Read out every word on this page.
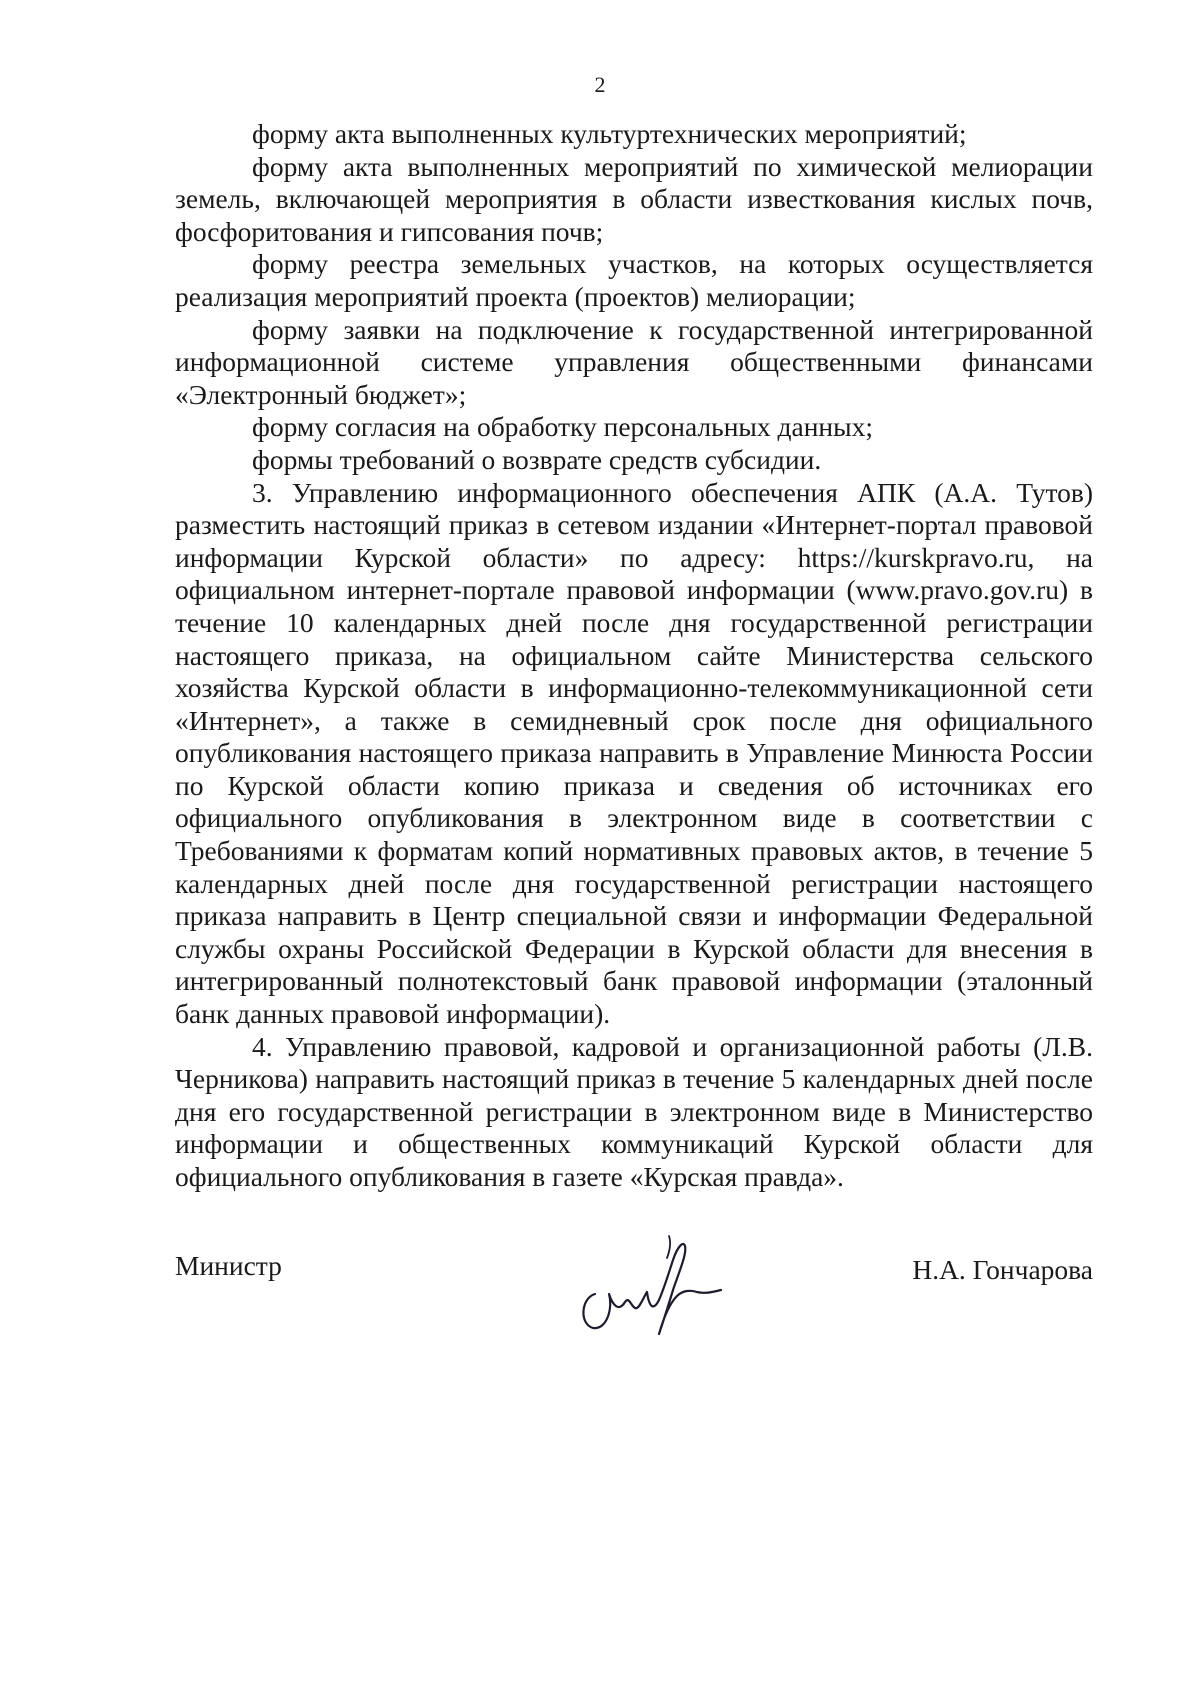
2

форму акта выполненных культуртехнических мероприятий;

форму акта выполненных мероприятий по химической мелиорации земель, включающей мероприятия в области известкования кислых почв, фосфоритования и гипсования почв;

форму реестра земельных участков, на которых осуществляется реализация мероприятий проекта (проектов) мелиорации;

форму заявки на подключение к государственной интегрированной информационной системе управления общественными финансами «Электронный бюджет»;

форму согласия на обработку персональных данных;

формы требований о возврате средств субсидии.

3. Управлению информационного обеспечения АПК (А.А. Тутов) разместить настоящий приказ в сетевом издании «Интернет-портал правовой информации Курской области» по адресу: https://kurskpravo.ru, на официальном интернет-портале правовой информации (www.pravo.gov.ru) в течение 10 календарных дней после дня государственной регистрации настоящего приказа, на официальном сайте Министерства сельского хозяйства Курской области в информационно-телекоммуникационной сети «Интернет», а также в семидневный срок после дня официального опубликования настоящего приказа направить в Управление Минюста России по Курской области копию приказа и сведения об источниках его официального опубликования в электронном виде в соответствии с Требованиями к форматам копий нормативных правовых актов, в течение 5 календарных дней после дня государственной регистрации настоящего приказа направить в Центр специальной связи и информации Федеральной службы охраны Российской Федерации в Курской области для внесения в интегрированный полнотекстовый банк правовой информации (эталонный банк данных правовой информации).

4. Управлению правовой, кадровой и организационной работы (Л.В. Черникова) направить настоящий приказ в течение 5 календарных дней после дня его государственной регистрации в электронном виде в Министерство информации и общественных коммуникаций Курской области для официального опубликования в газете «Курская правда».

Министр	Н.А. Гончарова
